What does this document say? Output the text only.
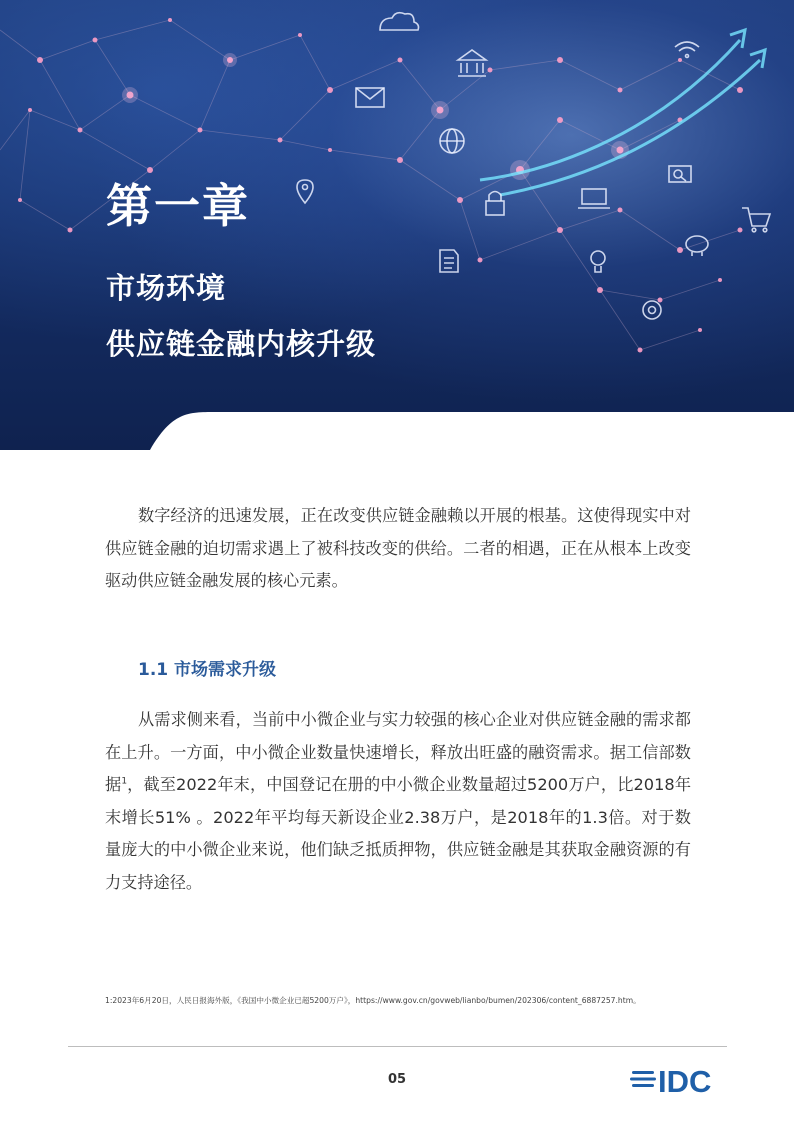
第一章
市场环境
供应链金融内核升级

数字经济的迅速发展，正在改变供应链金融赖以开展的根基。这使得现实中对供应链金融的迫切需求遇上了被科技改变的供给。二者的相遇，正在从根本上改变驱动供应链金融发展的核心元素。

1.1 市场需求升级

从需求侧来看，当前中小微企业与实力较强的核心企业对供应链金融的需求都在上升。一方面，中小微企业数量快速增长，释放出旺盛的融资需求。据工信部数据$^1$，截至2022年末，中国登记在册的中小微企业数量超过5200万户，比2018年末增长51% 。2022年平均每天新设企业2.38万户，是2018年的1.3倍。对于数量庞大的中小微企业来说，他们缺乏抵质押物，供应链金融是其获取金融资源的有力支持途径。

1:2023年6月20日，人民日报海外版，《我国中小微企业已超5200万户》，https://www.gov.cn/govweb/lianbo/bumen/202306/content_6887257.htm。

05	IDC
